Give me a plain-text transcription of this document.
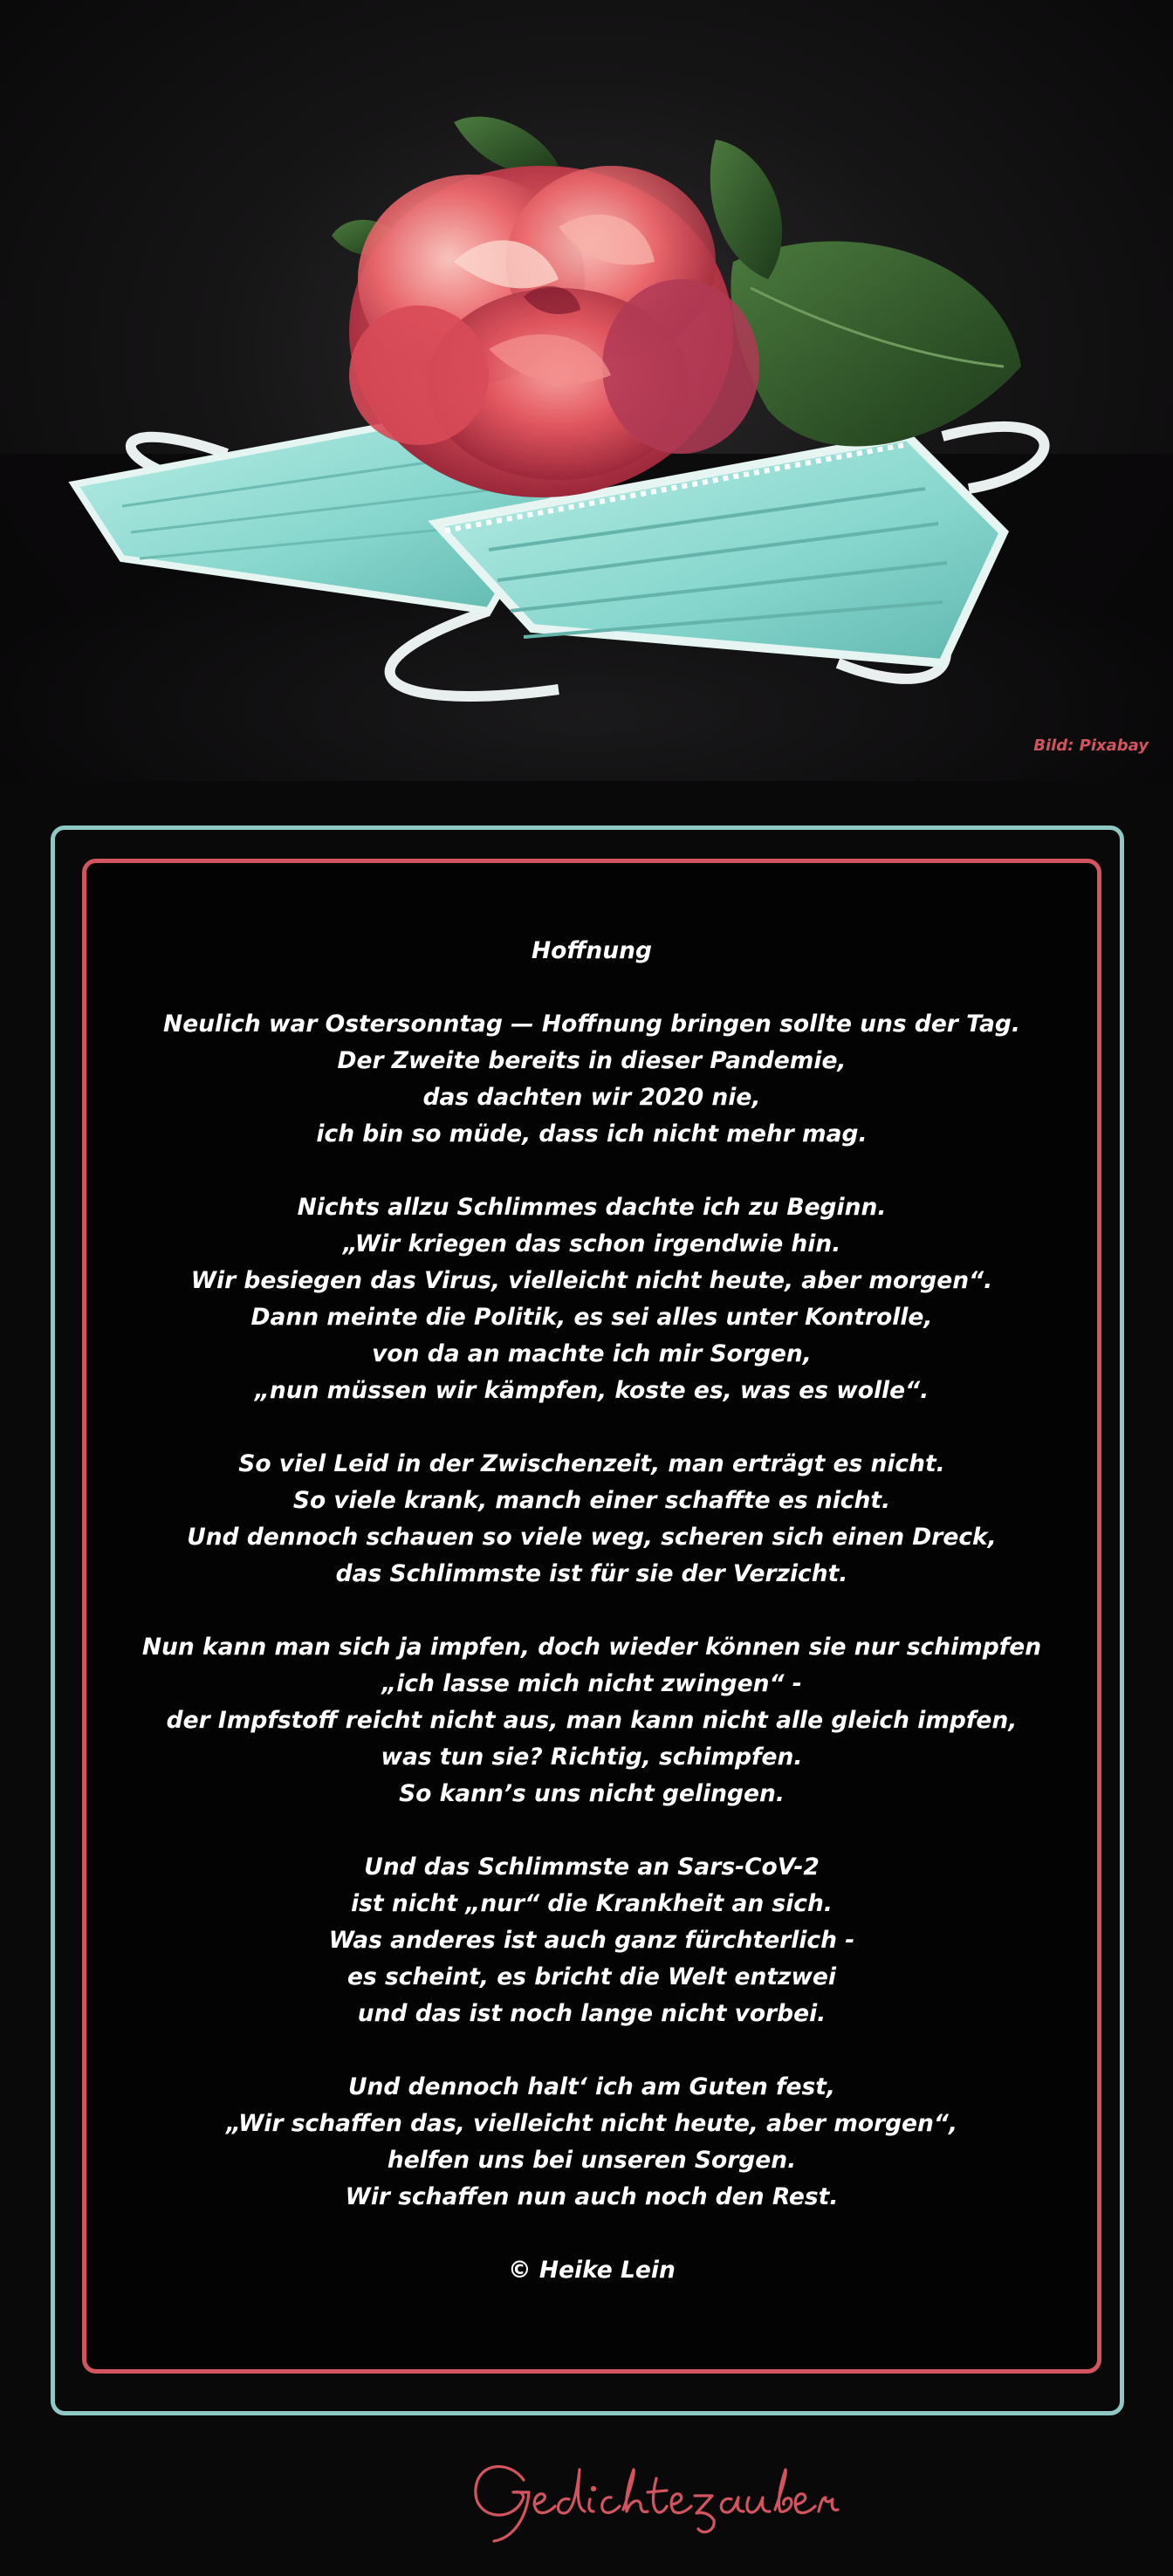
Bild: Pixabay
Hoffnung
Neulich war Ostersonntag — Hoffnung bringen sollte uns der Tag.
Der Zweite bereits in dieser Pandemie,
das dachten wir 2020 nie,
ich bin so müde, dass ich nicht mehr mag.
Nichts allzu Schlimmes dachte ich zu Beginn.
„Wir kriegen das schon irgendwie hin.
Wir besiegen das Virus, vielleicht nicht heute, aber morgen“.
Dann meinte die Politik, es sei alles unter Kontrolle,
von da an machte ich mir Sorgen,
„nun müssen wir kämpfen, koste es, was es wolle“.
So viel Leid in der Zwischenzeit, man erträgt es nicht.
So viele krank, manch einer schaffte es nicht.
Und dennoch schauen so viele weg, scheren sich einen Dreck,
das Schlimmste ist für sie der Verzicht.
Nun kann man sich ja impfen, doch wieder können sie nur schimpfen
„ich lasse mich nicht zwingen“ -
der Impfstoff reicht nicht aus, man kann nicht alle gleich impfen,
was tun sie? Richtig, schimpfen.
So kann’s uns nicht gelingen.
Und das Schlimmste an Sars-CoV-2
ist nicht „nur“ die Krankheit an sich.
Was anderes ist auch ganz fürchterlich -
es scheint, es bricht die Welt entzwei
und das ist noch lange nicht vorbei.
Und dennoch halt‘ ich am Guten fest,
„Wir schaffen das, vielleicht nicht heute, aber morgen“,
helfen uns bei unseren Sorgen.
Wir schaffen nun auch noch den Rest.
© Heike Lein
